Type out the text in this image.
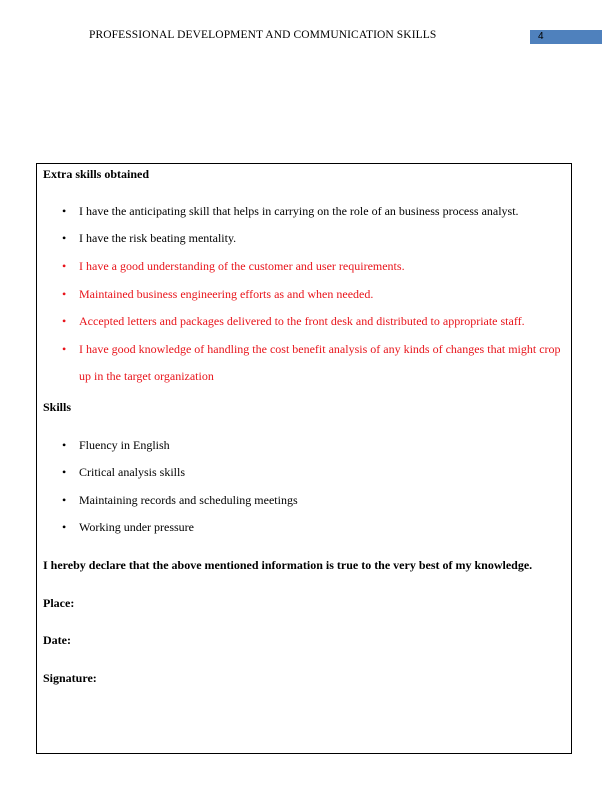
PROFESSIONAL DEVELOPMENT AND COMMUNICATION SKILLS	4
Extra skills obtained
• I have the anticipating skill that helps in carrying on the role of an business process analyst.
• I have the risk beating mentality.
• I have a good understanding of the customer and user requirements.
• Maintained business engineering efforts as and when needed.
• Accepted letters and packages delivered to the front desk and distributed to appropriate staff.
• I have good knowledge of handling the cost benefit analysis of any kinds of changes that might crop up in the target organization
Skills
• Fluency in English
• Critical analysis skills
• Maintaining records and scheduling meetings
• Working under pressure
I hereby declare that the above mentioned information is true to the very best of my knowledge.
Place:
Date:
Signature:
